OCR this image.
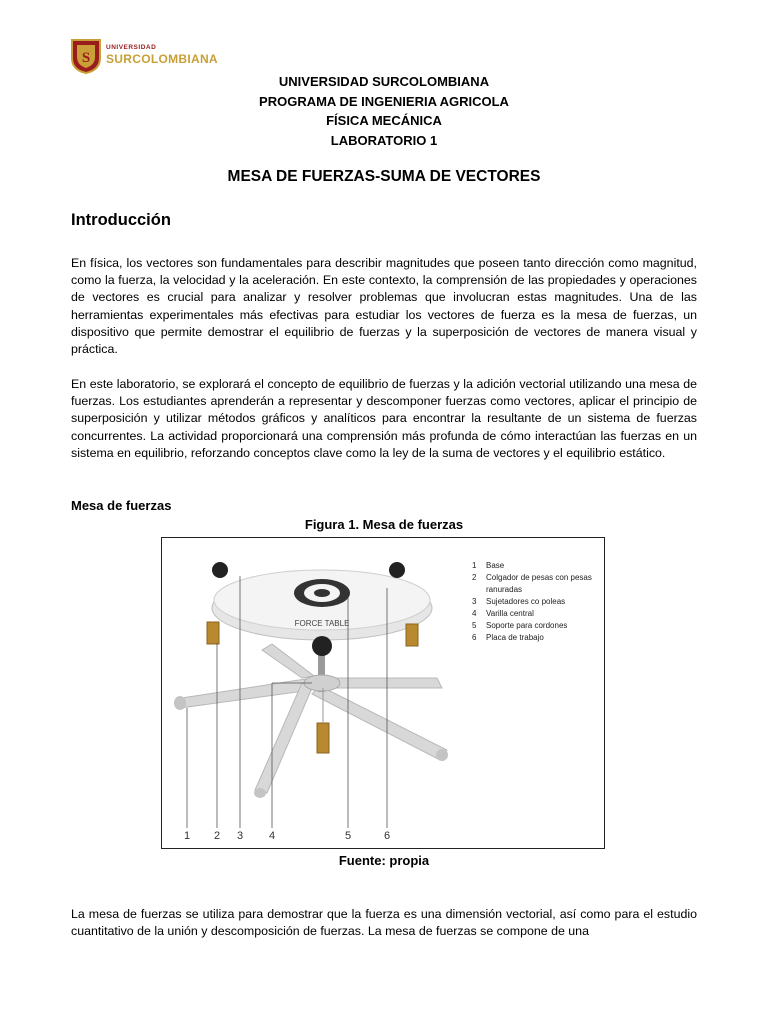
S
UNIVERSIDAD
SURCOLOMBIANA
UNIVERSIDAD SURCOLOMBIANA
PROGRAMA DE INGENIERIA AGRICOLA
FÍSICA MECÁNICA
LABORATORIO 1
MESA DE FUERZAS-SUMA DE VECTORES
Introducción
En física, los vectores son fundamentales para describir magnitudes que poseen tanto dirección como magnitud, como la fuerza, la velocidad y la aceleración. En este contexto, la comprensión de las propiedades y operaciones de vectores es crucial para analizar y resolver problemas que involucran estas magnitudes. Una de las herramientas experimentales más efectivas para estudiar los vectores de fuerza es la mesa de fuerzas, un dispositivo que permite demostrar el equilibrio de fuerzas y la superposición de vectores de manera visual y práctica.
En este laboratorio, se explorará el concepto de equilibrio de fuerzas y la adición vectorial utilizando una mesa de fuerzas. Los estudiantes aprenderán a representar y descomponer fuerzas como vectores, aplicar el principio de superposición y utilizar métodos gráficos y analíticos para encontrar la resultante de un sistema de fuerzas concurrentes. La actividad proporcionará una comprensión más profunda de cómo interactúan las fuerzas en un sistema en equilibrio, reforzando conceptos clave como la ley de la suma de vectores y el equilibrio estático.
Mesa de fuerzas
Figura 1. Mesa de fuerzas
FORCE TABLE
1	Base
2	Colgador de pesas con pesas ranuradas
3	Sujetadores co poleas
4	Varilla central
5	Soporte para cordones
6	Placa de trabajo
1 2 3 4	5	6
Fuente: propia
La mesa de fuerzas se utiliza para demostrar que la fuerza es una dimensión vectorial, así como para el estudio cuantitativo de la unión y descomposición de fuerzas. La mesa de fuerzas se compone de una
